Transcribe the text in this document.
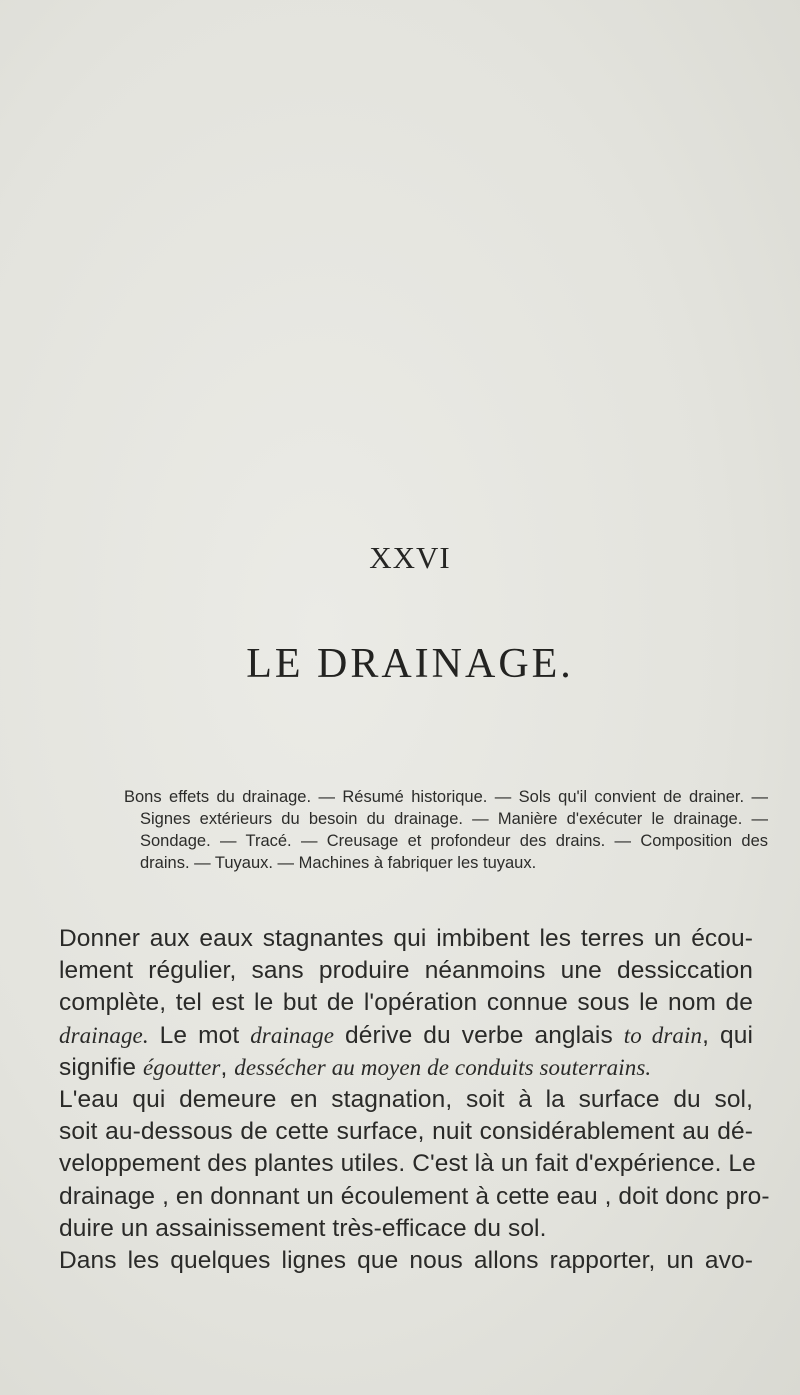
XXVI
LE DRAINAGE.
Bons effets du drainage. — Résumé historique. — Sols qu'il convient de drainer. — Signes extérieurs du besoin du drainage. — Manière d'exécuter le drainage. — Sondage. — Tracé. — Creusage et profondeur des drains. — Composition des drains. — Tuyaux. — Machines à fabriquer les tuyaux.
Donner aux eaux stagnantes qui imbibent les terres un écou-
lement régulier, sans produire néanmoins une dessiccation
complète, tel est le but de l'opération connue sous le nom de
drainage. Le mot drainage dérive du verbe anglais to drain, qui
signifie égoutter, dessécher au moyen de conduits souterrains.
L'eau qui demeure en stagnation, soit à la surface du sol,
soit au-dessous de cette surface, nuit considérablement au dé-
veloppement des plantes utiles. C'est là un fait d'expérience. Le
drainage , en donnant un écoulement à cette eau , doit donc pro-
duire un assainissement très-efficace du sol.
Dans les quelques lignes que nous allons rapporter, un avo-
